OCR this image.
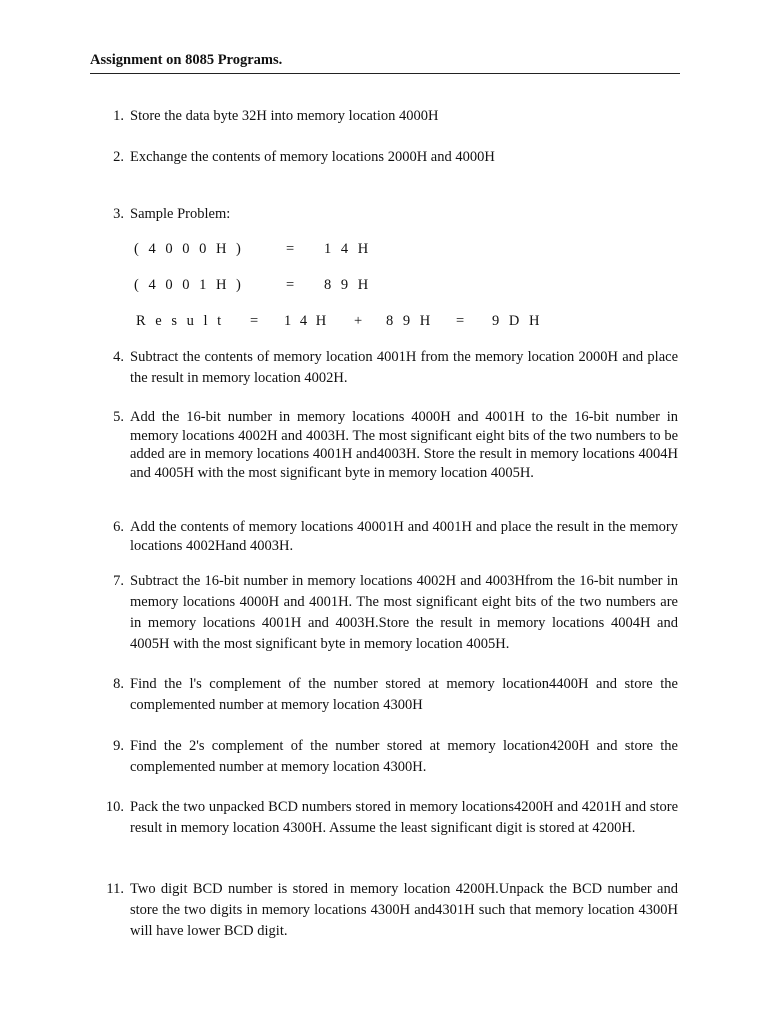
Assignment on 8085 Programs.
1. Store the data byte 32H into memory location 4000H
2. Exchange the contents of memory locations 2000H and 4000H
3. Sample Problem:
( 4 0 0 0 H )	= 1 4 H
( 4 0 0 1 H )	= 8 9 H
R e s u l t = 1 4 H + 8 9 H = 9 D H
4. Subtract the contents of memory location 4001H from the memory location 2000H and place the result in memory location 4002H.
5. Add the 16-bit number in memory locations 4000H and 4001H to the 16-bit number in memory locations 4002H and 4003H. The most significant eight bits of the two numbers to be added are in memory locations 4001H and4003H. Store the result in memory locations 4004H and 4005H with the most significant byte in memory location 4005H.
6. Add the contents of memory locations 40001H and 4001H and place the result in the memory locations 4002Hand 4003H.
7. Subtract the 16-bit number in memory locations 4002H and 4003Hfrom the 16-bit number in memory locations 4000H and 4001H. The most significant eight bits of the two numbers are in memory locations 4001H and 4003H.Store the result in memory locations 4004H and 4005H with the most significant byte in memory location 4005H.
8. Find the l's complement of the number stored at memory location4400H and store the complemented number at memory location 4300H
9. Find the 2's complement of the number stored at memory location4200H and store the complemented number at memory location 4300H.
10. Pack the two unpacked BCD numbers stored in memory locations4200H and 4201H and store result in memory location 4300H. Assume the least significant digit is stored at 4200H.
11. Two digit BCD number is stored in memory location 4200H.Unpack the BCD number and store the two digits in memory locations 4300H and4301H such that memory location 4300H will have lower BCD digit.
